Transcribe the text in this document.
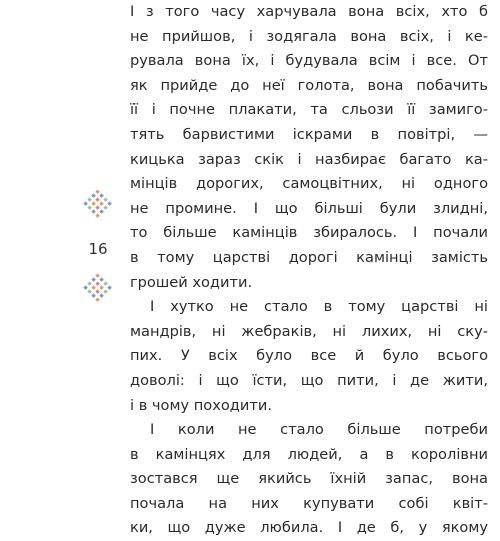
16
І з того часу харчувала вона всіх, хто б
не прийшов, і зодягала вона всіх, і ке-
рувала вона їх, і будувала всім і все. От
як прийде до неї голота, вона побачить
її і почне плакати, та сльози її замиго-
тять барвистими іскрами в повітрі, —
кицька зараз скік і назбирає багато ка-
мінців дорогих, самоцвітних, ні одного
не промине. І що більші були злидні,
то більше камінців збиралось. І почали
в тому царстві дорогі камінці замість
грошей ходити.
І хутко не стало в тому царстві ні
мандрів, ні жебраків, ні лихих, ні ску-
пих. У всіх було все й було всього
доволі: і що їсти, що пити, і де жити,
і в чому походити.
І коли не стало більше потреби
в камінцях для людей, а в королівни
зостався ще якийсь їхній запас, вона
почала на них купувати собі квіт-
ки, що дуже любила. І де б, у якому
